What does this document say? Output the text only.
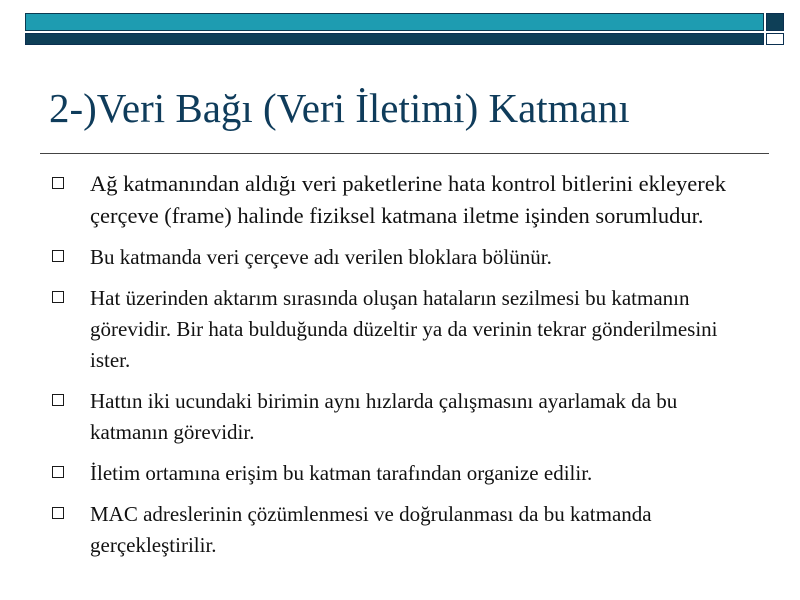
2-)Veri Bağı (Veri İletimi) Katmanı
Ağ katmanından aldığı veri paketlerine hata kontrol bitlerini ekleyerek çerçeve (frame) halinde fiziksel katmana iletme işinden sorumludur.
Bu katmanda veri çerçeve adı verilen bloklara bölünür.
Hat üzerinden aktarım sırasında oluşan hataların sezilmesi bu katmanın görevidir. Bir hata bulduğunda düzeltir ya da verinin tekrar gönderilmesini ister.
Hattın iki ucundaki birimin aynı hızlarda çalışmasını ayarlamak da bu katmanın görevidir.
İletim ortamına erişim bu katman tarafından organize edilir.
MAC adreslerinin çözümlenmesi ve doğrulanması da bu katmanda gerçekleştirilir.
